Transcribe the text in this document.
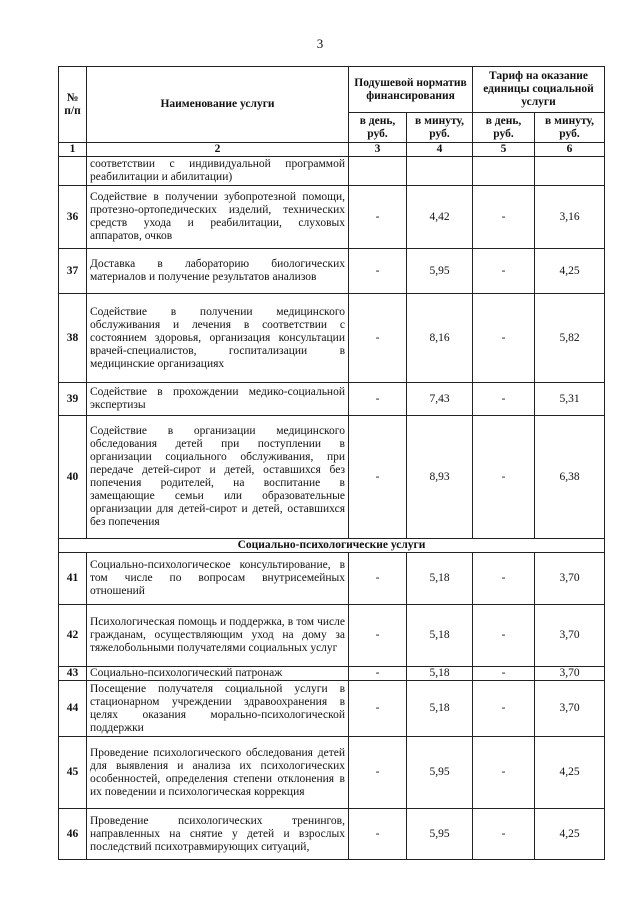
3
№ п/п	Наименование услуги	Подушевой норматив финансирования		Тариф на оказание единицы социальной услуги	
		в день, руб.	в минуту, руб.	в день, руб.	в минуту, руб.
1	2	3	4	5	6
	соответствии с индивидуальной программой реабилитации и абилитации)				
36	Содействие в получении зубопротезной помощи, протезно-ортопедических изделий, технических средств ухода и реабилитации, слуховых аппаратов, очков	-	4,42	-	3,16
37	Доставка в лабораторию биологических материалов и получение результатов анализов	-	5,95	-	4,25
38	Содействие в получении медицинского обслуживания и лечения в соответствии с состоянием здоровья, организация консультации врачей-специалистов, госпитализации в медицинские организациях	-	8,16	-	5,82
39	Содействие в прохождении медико-социальной экспертизы	-	7,43	-	5,31
40	Содействие в организации медицинского обследования детей при поступлении в организации социального обслуживания, при передаче детей-сирот и детей, оставшихся без попечения родителей, на воспитание в замещающие семьи или образовательные организации для детей-сирот и детей, оставшихся без попечения	-	8,93	-	6,38
Социально-психологические услуги					
41	Социально-психологическое консультирование, в том числе по вопросам внутрисемейных отношений	-	5,18	-	3,70
42	Психологическая помощь и поддержка, в том числе гражданам, осуществляющим уход на дому за тяжелобольными получателями социальных услуг	-	5,18	-	3,70
43	Социально-психологический патронаж	-	5,18	-	3,70
44	Посещение получателя социальной услуги в стационарном учреждении здравоохранения в целях оказания морально-психологической поддержки	-	5,18	-	3,70
45	Проведение психологического обследования детей для выявления и анализа их психологических особенностей, определения степени отклонения в их поведении и психологическая коррекция	-	5,95	-	4,25
46	Проведение психологических тренингов, направленных на снятие у детей и взрослых последствий психотравмирующих ситуаций,	-	5,95	-	4,25
